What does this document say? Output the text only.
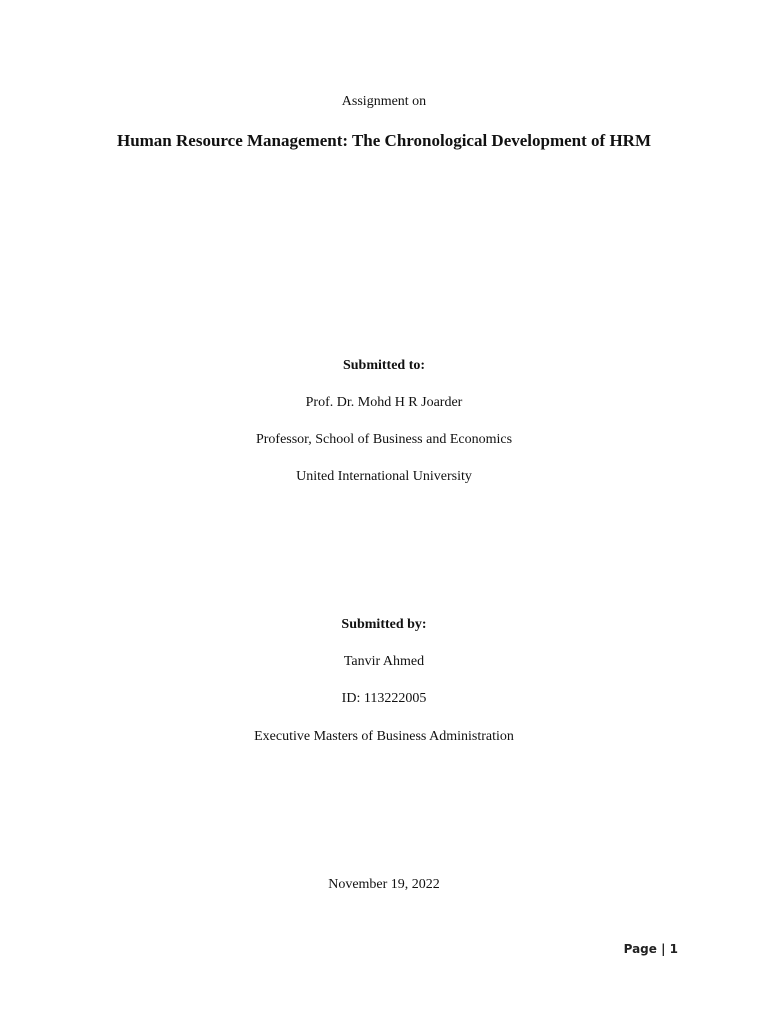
Assignment on
Human Resource Management: The Chronological Development of HRM
Submitted to:
Prof. Dr. Mohd H R Joarder
Professor, School of Business and Economics
United International University
Submitted by:
Tanvir Ahmed
ID: 113222005
Executive Masters of Business Administration
November 19, 2022
Page | 1
